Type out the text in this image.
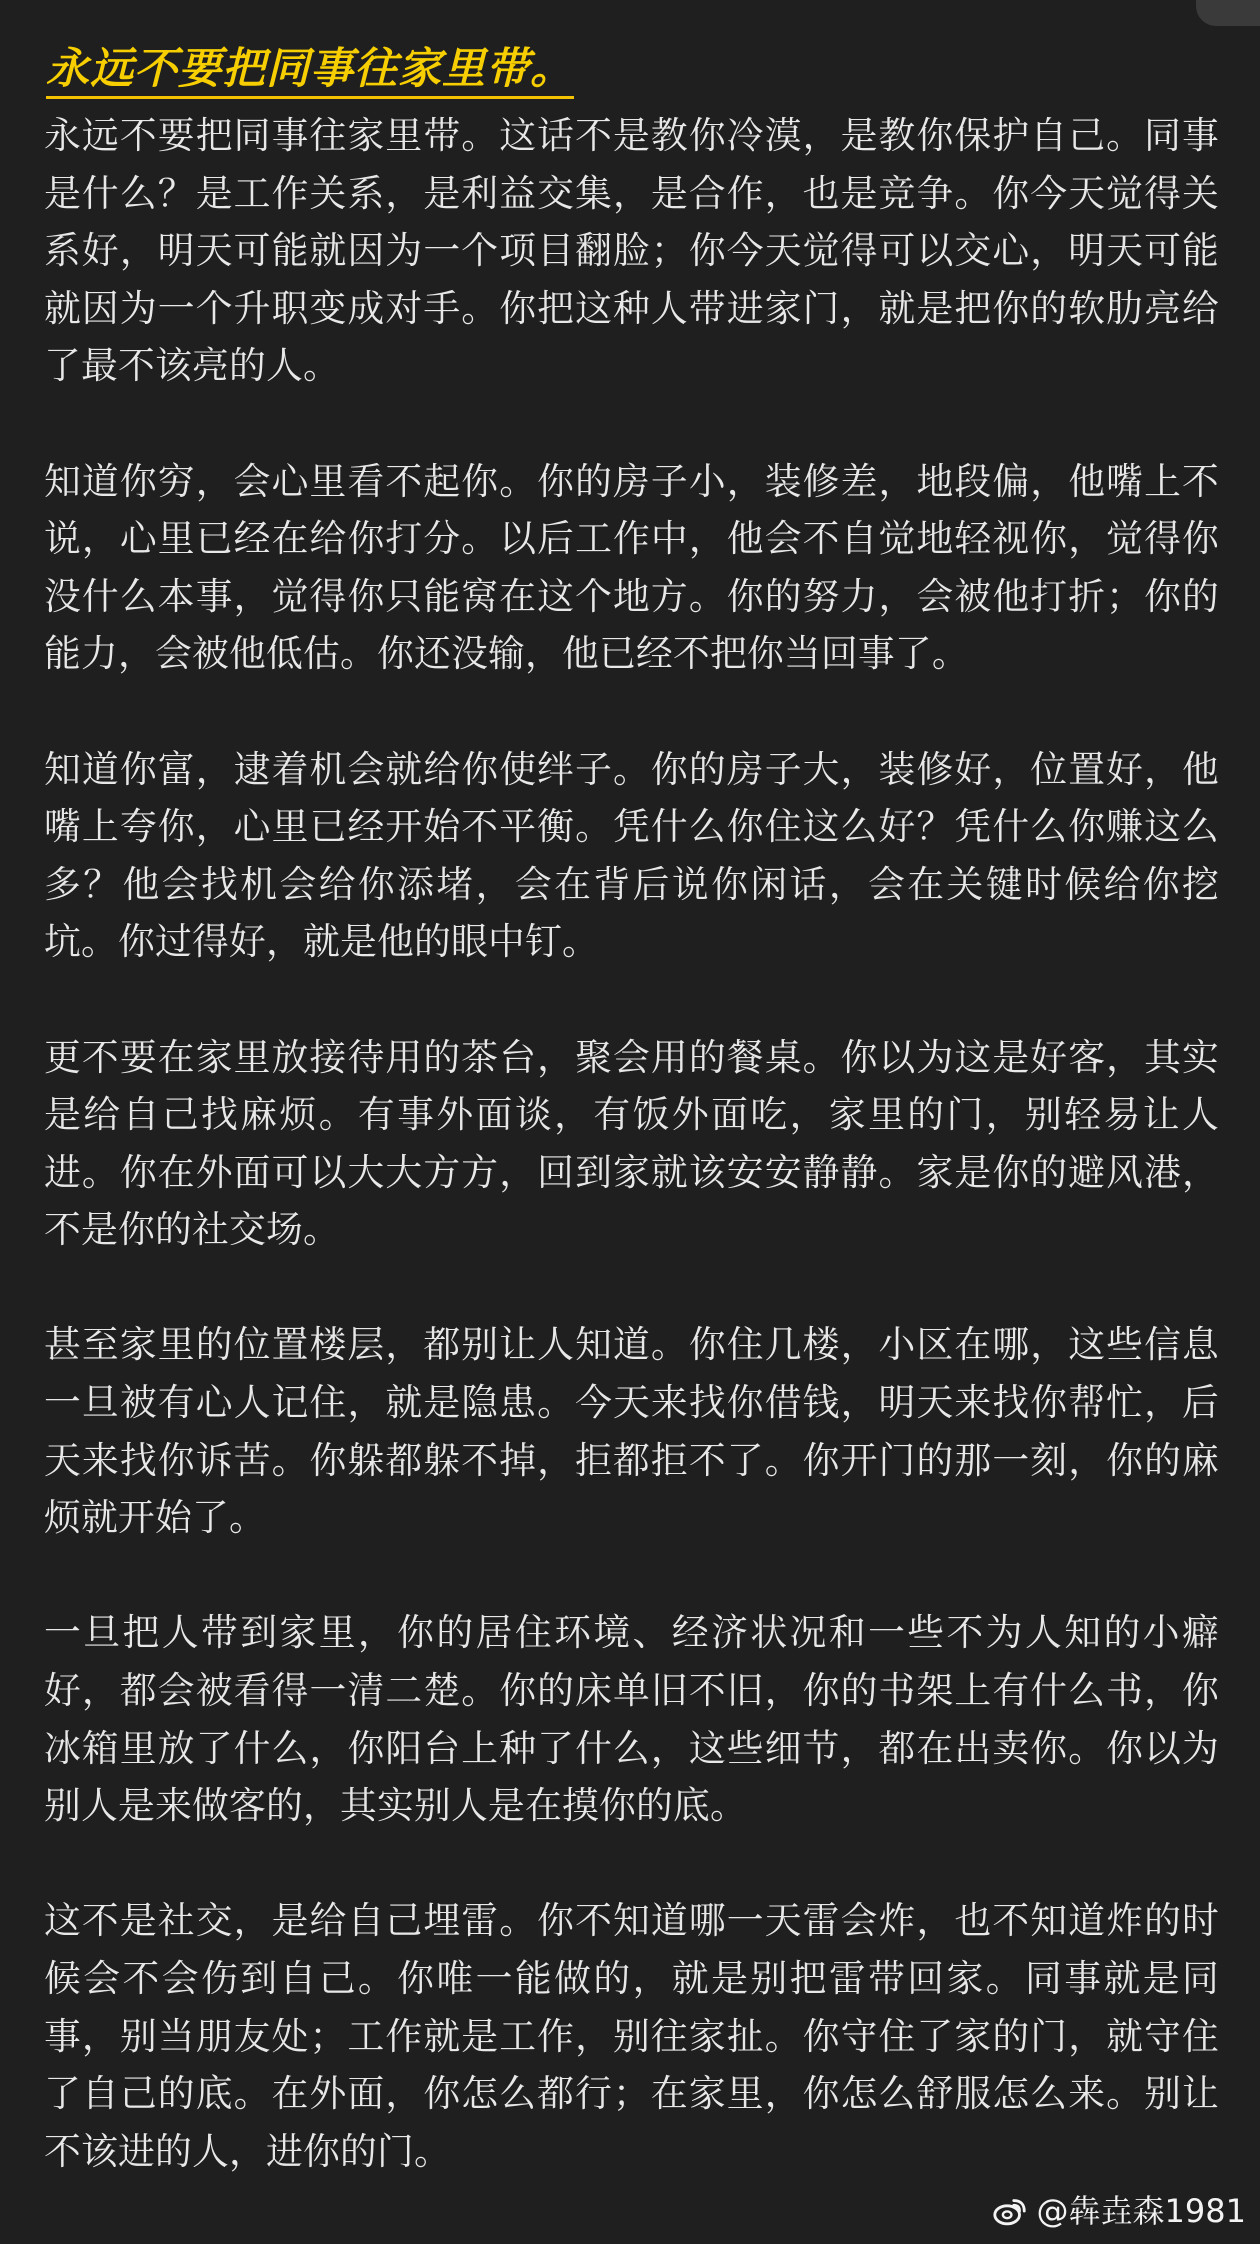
永远不要把同事往家里带。

永远不要把同事往家里带。这话不是教你冷漠，是教你保护自己。同事是什么？是工作关系，是利益交集，是合作，也是竞争。你今天觉得关系好，明天可能就因为一个项目翻脸；你今天觉得可以交心，明天可能就因为一个升职变成对手。你把这种人带进家门，就是把你的软肋亮给了最不该亮的人。

知道你穷，会心里看不起你。你的房子小，装修差，地段偏，他嘴上不说，心里已经在给你打分。以后工作中，他会不自觉地轻视你，觉得你没什么本事，觉得你只能窝在这个地方。你的努力，会被他打折；你的能力，会被他低估。你还没输，他已经不把你当回事了。

知道你富，逮着机会就给你使绊子。你的房子大，装修好，位置好，他嘴上夸你，心里已经开始不平衡。凭什么你住这么好？凭什么你赚这么多？他会找机会给你添堵，会在背后说你闲话，会在关键时候给你挖坑。你过得好，就是他的眼中钉。

更不要在家里放接待用的茶台，聚会用的餐桌。你以为这是好客，其实是给自己找麻烦。有事外面谈，有饭外面吃，家里的门，别轻易让人进。你在外面可以大大方方，回到家就该安安静静。家是你的避风港，不是你的社交场。

甚至家里的位置楼层，都别让人知道。你住几楼，小区在哪，这些信息一旦被有心人记住，就是隐患。今天来找你借钱，明天来找你帮忙，后天来找你诉苦。你躲都躲不掉，拒都拒不了。你开门的那一刻，你的麻烦就开始了。

一旦把人带到家里，你的居住环境、经济状况和一些不为人知的小癖好，都会被看得一清二楚。你的床单旧不旧，你的书架上有什么书，你冰箱里放了什么，你阳台上种了什么，这些细节，都在出卖你。你以为别人是来做客的，其实别人是在摸你的底。

这不是社交，是给自己埋雷。你不知道哪一天雷会炸，也不知道炸的时候会不会伤到自己。你唯一能做的，就是别把雷带回家。同事就是同事，别当朋友处；工作就是工作，别往家扯。你守住了家的门，就守住了自己的底。在外面，你怎么都行；在家里，你怎么舒服怎么来。别让不该进的人，进你的门。

@犇垚森1981
